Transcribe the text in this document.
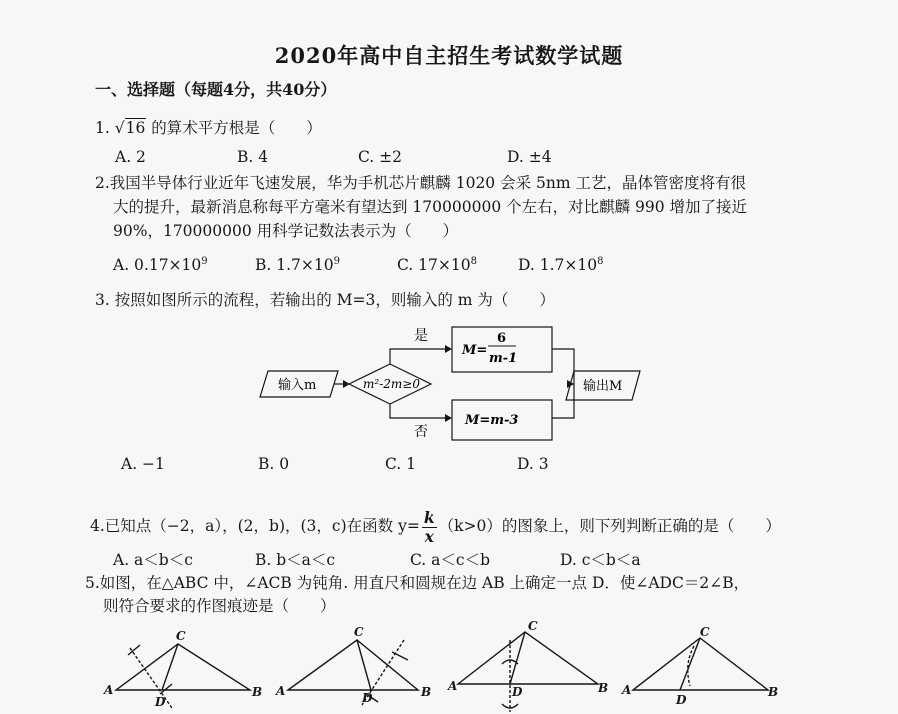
2020年高中自主招生考试数学试题
一、选择题（每题4分，共40分）
1. √16 的算术平方根是（　　）
A. 2	B. 4	C. ±2	D. ±4
2.我国半导体行业近年飞速发展，华为手机芯片麒麟 1020 会采 5nm 工艺，晶体管密度将有很
大的提升，最新消息称每平方毫米有望达到 170000000 个左右，对比麒麟 990 增加了接近
90%，170000000 用科学记数法表示为（　　）
A. $0.17\times 10^9$	B. $1.7\times 10^9$	C. $17\times 10^8$	D. $1.7\times 10^8$
3. 按照如图所示的流程，若输出的 M=3，则输入的 m 为（　　）
输入m	m²-2m≥0
是
否
M=
6
m-1
M=m-3
输出M
A. −1	B. 0	C. 1	D. 3
4.已知点（−2，a），(2，b)，(3，c)在函数 $y= \frac{k}{x} (k>0)$的图象上，则下列判断正确的是（　　）
A. a＜b＜c	B. b＜a＜c	C. a＜c＜b	D. c＜b＜a
5.如图，在△ABC 中，∠ACB 为钝角. 用直尺和圆规在边 AB 上确定一点 D．使∠ADC＝2∠B，
则符合要求的作图痕迹是（　　）
A
C
B
D
A
C
B
D
A
C
B
D	A
C
B
D
